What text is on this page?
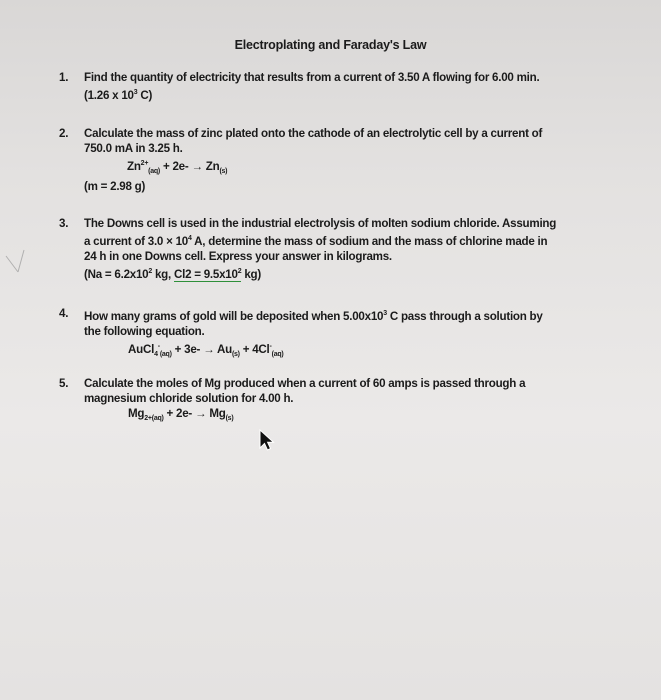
Electroplating and Faraday's Law
1. Find the quantity of electricity that results from a current of 3.50 A flowing for 6.00 min.
(1.26 x $10^3$ C)
2. Calculate the mass of zinc plated onto the cathode of an electrolytic cell by a current of
750.0 mA in 3.25 h.
$Zn^{2+}_{(aq)} + 2e- \to Zn_{(s)}$
(m = 2.98 g)
3. The Downs cell is used in the industrial electrolysis of molten sodium chloride. Assuming
a current of $3.0 \times 10^4$ A, determine the mass of sodium and the mass of chlorine made in
24 h in one Downs cell. Express your answer in kilograms.
($Na = 6.2x10^2$ kg, $Cl2 = 9.5x10^2$ kg)
4. How many grams of gold will be deposited when $5.00x10^3$ C pass through a solution by
the following equation.
AuCl$_4$-$_{(aq)}$ + $3e- \to Au_{(s)} + 4Cl^-_{(aq)}$
5. Calculate the moles of Mg produced when a current of 60 amps is passed through a
magnesium chloride solution for 4.00 h.
$Mg_{2+(aq)} + 2e- \to Mg_{(s)}$
